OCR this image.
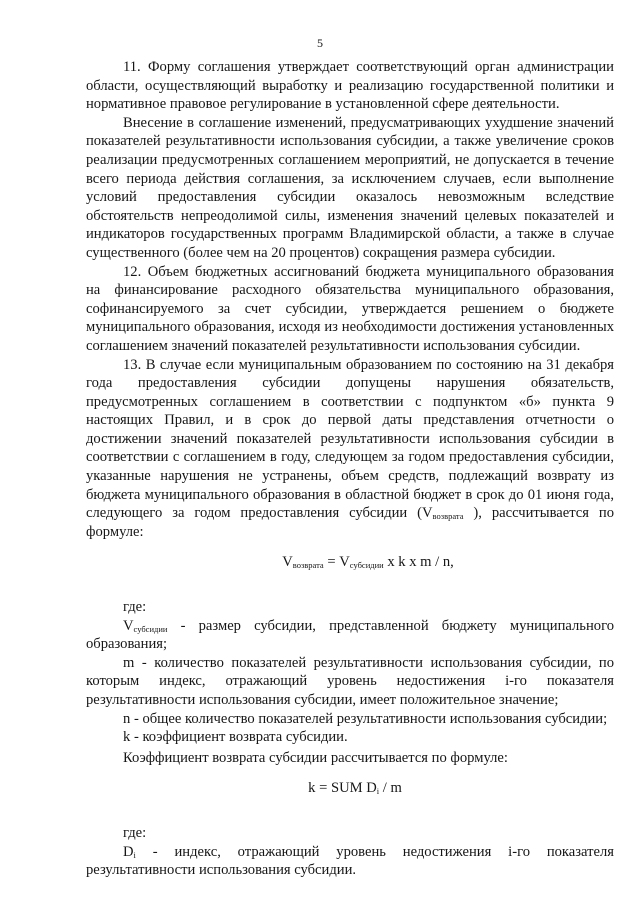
5

11. Форму соглашения утверждает соответствующий орган администрации области, осуществляющий выработку и реализацию государственной политики и нормативное правовое регулирование в установленной сфере деятельности.

Внесение в соглашение изменений, предусматривающих ухудшение значений показателей результативности использования субсидии, а также увеличение сроков реализации предусмотренных соглашением мероприятий, не допускается в течение всего периода действия соглашения, за исключением случаев, если выполнение условий предоставления субсидии оказалось невозможным вследствие обстоятельств непреодолимой силы, изменения значений целевых показателей и индикаторов государственных программ Владимирской области, а также в случае существенного (более чем на 20 процентов) сокращения размера субсидии.

12. Объем бюджетных ассигнований бюджета муниципального образования на финансирование расходного обязательства муниципального образования, софинансируемого за счет субсидии, утверждается решением о бюджете муниципального образования, исходя из необходимости достижения установленных соглашением значений показателей результативности использования субсидии.

13. В случае если муниципальным образованием по состоянию на 31 декабря года предоставления субсидии допущены нарушения обязательств, предусмотренных соглашением в соответствии с подпунктом «б» пункта 9 настоящих Правил, и в срок до первой даты представления отчетности о достижении значений показателей результативности использования субсидии в соответствии с соглашением в году, следующем за годом предоставления субсидии, указанные нарушения не устранены, объем средств, подлежащий возврату из бюджета муниципального образования в областной бюджет в срок до 01 июня года, следующего за годом предоставления субсидии ($V_{возврата}$ ), рассчитывается по формуле:

$V_{возврата} = V_{субсидии}$ x k x m / n,

где:

$V_{субсидии}$ - размер субсидии, представленной бюджету муниципального образования;

m - количество показателей результативности использования субсидии, по которым индекс, отражающий уровень недостижения i-го показателя результативности использования субсидии, имеет положительное значение;

n - общее количество показателей результативности использования субсидии;

k - коэффициент возврата субсидии.

Коэффициент возврата субсидии рассчитывается по формуле:

k = SUM $D_i$ / m

где:

$D_i$ - индекс, отражающий уровень недостижения i-го показателя результативности использования субсидии.
